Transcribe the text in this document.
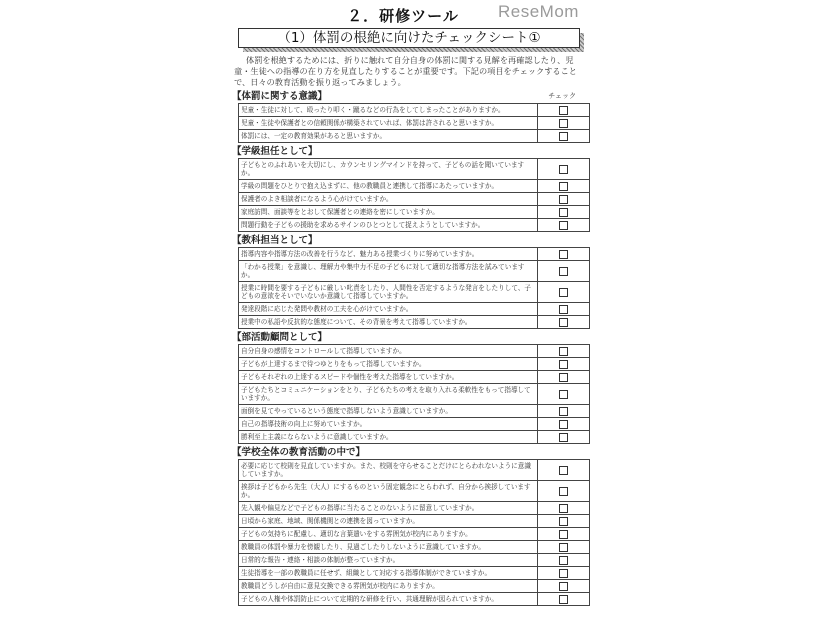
ReseMom
２．研修ツール
（1）体罰の根絶に向けたチェックシート①
体罰を根絶するためには、折りに触れて自分自身の体罰に関する見解を再確認したり、児童・生徒への指導の在り方を見直したりすることが重要です。下記の項目をチェックすることで、日々の教育活動を振り返ってみましょう。
チェック
【体罰に関する意識】
児童・生徒に対して、殴ったり叩く・蹴るなどの行為をしてしまったことがありますか。	
児童・生徒や保護者との信頼関係が構築されていれば、体罰は許されると思いますか。	
体罰には、一定の教育効果があると思いますか。	
【学級担任として】
子どもとのふれあいを大切にし、カウンセリングマインドを持って、子どもの話を聞いていますか。	
学級の問題をひとりで抱え込まずに、他の教職員と連携して指導にあたっていますか。	
保護者のよき相談者になるよう心がけていますか。	
家庭訪問、面談等をとおして保護者との連絡を密にしていますか。	
問題行動を子どもの援助を求めるサインのひとつとして捉えようとしていますか。	
【教科担当として】
指導内容や指導方法の改善を行うなど、魅力ある授業づくりに努めていますか。	
「わかる授業」を意識し、理解力や集中力不足の子どもに対して適切な指導方法を試みていますか。	
授業に時間を要する子どもに厳しい叱責をしたり、人間性を否定するような発言をしたりして、子どもの意欲をそいでいないか意識して指導していますか。	
発達段階に応じた発問や教材の工夫を心がけていますか。	
授業中の私語や反抗的な態度について、その背景を考えて指導していますか。	
【部活動顧問として】
自分自身の感情をコントロールして指導していますか。	
子どもが上達するまで待つゆとりをもって指導していますか。	
子どもそれぞれの上達するスピードや個性を考えた指導をしていますか。	
子どもたちとコミュニケーションをとり、子どもたちの考えを取り入れる柔軟性をもって指導していますか。	
面倒を見てやっているという態度で指導しないよう意識していますか。	
自己の指導技術の向上に努めていますか。	
勝利至上主義にならないように意識していますか。	
【学校全体の教育活動の中で】
必要に応じて校則を見直していますか。また、校則を守らせることだけにとらわれないように意識していますか。	
挨拶は子どもから先生（大人）にするものという固定観念にとらわれず、自分から挨拶していますか。	
先入観や偏見などで子どもの指導に当たることのないように留意していますか。	
日頃から家庭、地域、関係機関との連携を図っていますか。	
子どもの気持ちに配慮し、適切な言葉遣いをする雰囲気が校内にありますか。	
教職員の体罰や暴力を傍観したり、見過ごしたりしないように意識していますか。	
日常的な報告・連絡・相談の体制が整っていますか。	
生徒指導を一部の教職員に任せず、組織として対応する指導体制ができていますか。	
教職員どうしが自由に意見交換できる雰囲気が校内にありますか。	
子どもの人権や体罰防止について定期的な研修を行い、共通理解が図られていますか。	
